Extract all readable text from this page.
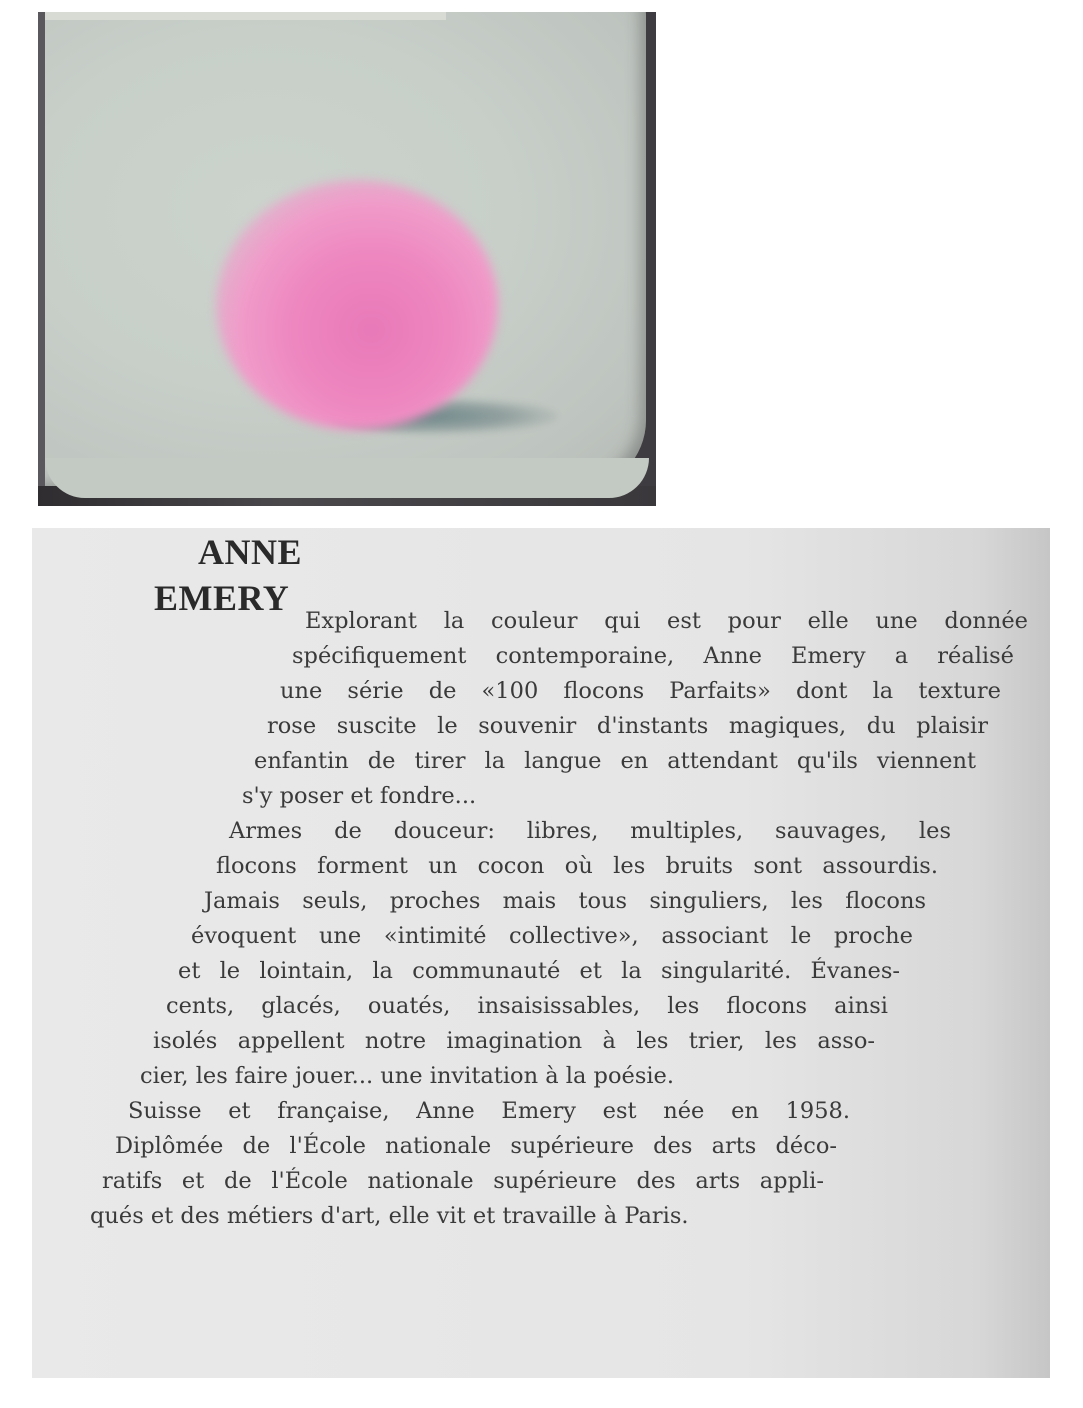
ANNE
EMERY

Explorant la couleur qui est pour elle une donnée

spécifiquement contemporaine, Anne Emery a réalisé

une série de «100 flocons Parfaits» dont la texture

rose suscite le souvenir d'instants magiques, du plaisir

enfantin de tirer la langue en attendant qu'ils viennent

s'y poser et fondre...

Armes de douceur: libres, multiples, sauvages, les

flocons forment un cocon où les bruits sont assourdis.

Jamais seuls, proches mais tous singuliers, les flocons

évoquent une «intimité collective», associant le proche

et le lointain, la communauté et la singularité. Évanes-

cents, glacés, ouatés, insaisissables, les flocons ainsi

isolés appellent notre imagination à les trier, les asso-

cier, les faire jouer... une invitation à la poésie.

Suisse et française, Anne Emery est née en 1958.

Diplômée de l'École nationale supérieure des arts déco-

ratifs et de l'École nationale supérieure des arts appli-

qués et des métiers d'art, elle vit et travaille à Paris.
